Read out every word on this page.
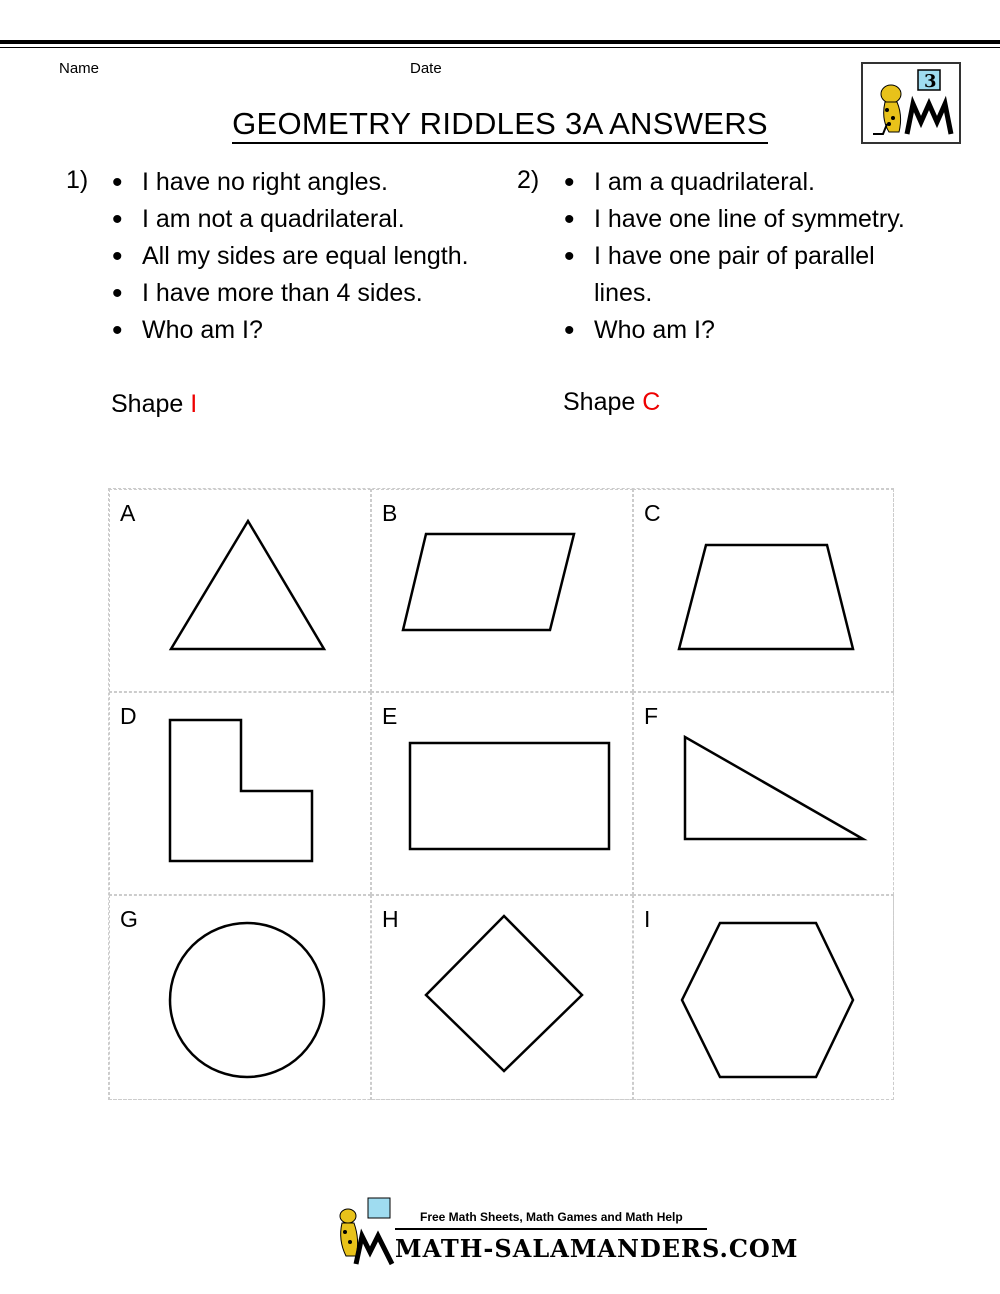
Name	Date
3
GEOMETRY RIDDLES 3A ANSWERS
1)	• I have no right angles.
• I am not a quadrilateral.
• All my sides are equal length.
• I have more than 4 sides.
• Who am I?
Shape I
2)	• I am a quadrilateral.
• I have one line of symmetry.
• I have one pair of parallel lines.
• Who am I?
Shape C
A	B	C
D	E	F
G	H	I
Free Math Sheets, Math Games and Math Help
MATH-SALAMANDERS.COM
